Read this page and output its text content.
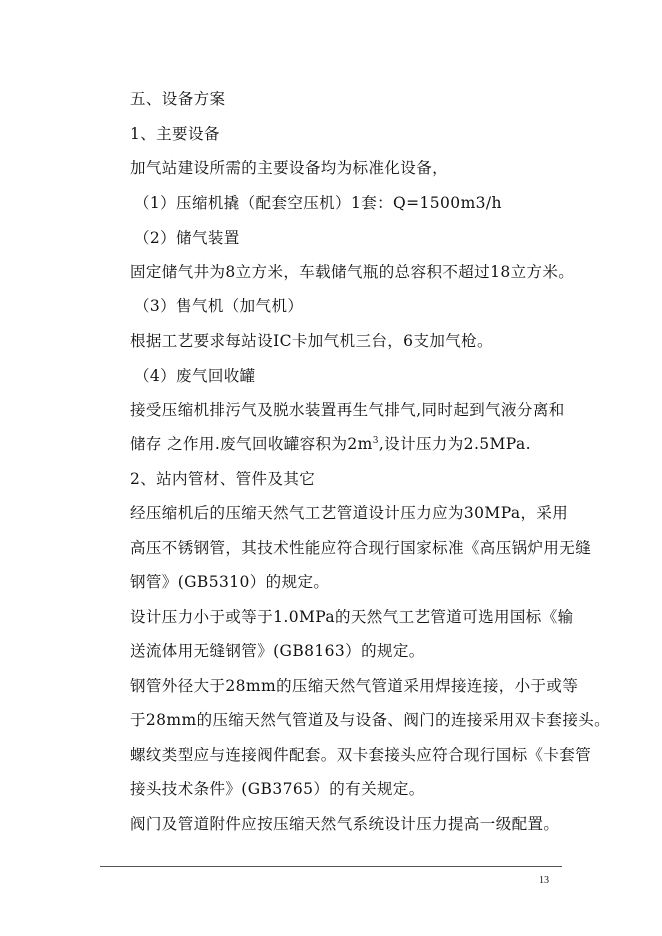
五、设备方案
1、主要设备
加气站建设所需的主要设备均为标准化设备，
（1）压缩机撬（配套空压机）1套：Q=1500m3/h
（2）储气装置
固定储气井为8立方米，车载储气瓶的总容积不超过18立方米。
（3）售气机（加气机）
根据工艺要求每站设IC卡加气机三台，6支加气枪。
（4）废气回收罐
接受压缩机排污气及脱水装置再生气排气,同时起到气液分离和
储存 之作用.废气回收罐容积为$2m^3$,设计压力为2.5MPa.
2、站内管材、管件及其它
经压缩机后的压缩天然气工艺管道设计压力应为30MPa，采用
高压不锈钢管，其技术性能应符合现行国家标准《高压锅炉用无缝
钢管》(GB5310）的规定。
设计压力小于或等于1.0MPa的天然气工艺管道可选用国标《输
送流体用无缝钢管》(GB8163）的规定。
钢管外径大于28mm的压缩天然气管道采用焊接连接，小于或等
于28mm的压缩天然气管道及与设备、阀门的连接采用双卡套接头。
螺纹类型应与连接阀件配套。双卡套接头应符合现行国标《卡套管
接头技术条件》(GB3765）的有关规定。
阀门及管道附件应按压缩天然气系统设计压力提高一级配置。
13
